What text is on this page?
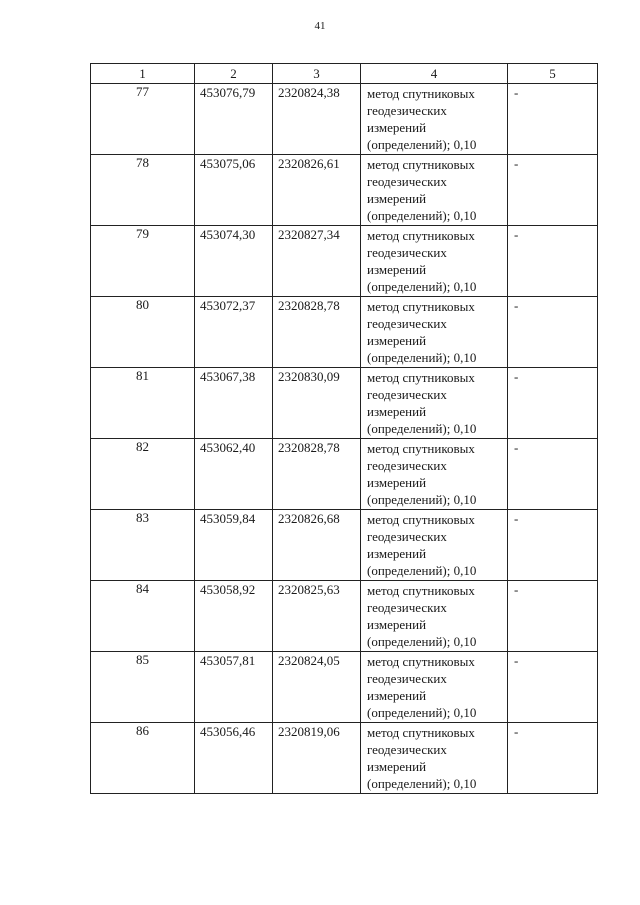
41
1	2	3	4	5
77	453076,79	2320824,38	метод спутниковых
геодезических
измерений
(определений); 0,10	-
78	453075,06	2320826,61	метод спутниковых
геодезических
измерений
(определений); 0,10	-
79	453074,30	2320827,34	метод спутниковых
геодезических
измерений
(определений); 0,10	-
80	453072,37	2320828,78	метод спутниковых
геодезических
измерений
(определений); 0,10	-
81	453067,38	2320830,09	метод спутниковых
геодезических
измерений
(определений); 0,10	-
82	453062,40	2320828,78	метод спутниковых
геодезических
измерений
(определений); 0,10	-
83	453059,84	2320826,68	метод спутниковых
геодезических
измерений
(определений); 0,10	-
84	453058,92	2320825,63	метод спутниковых
геодезических
измерений
(определений); 0,10	-
85	453057,81	2320824,05	метод спутниковых
геодезических
измерений
(определений); 0,10	-
86	453056,46	2320819,06	метод спутниковых
геодезических
измерений
(определений); 0,10	-
